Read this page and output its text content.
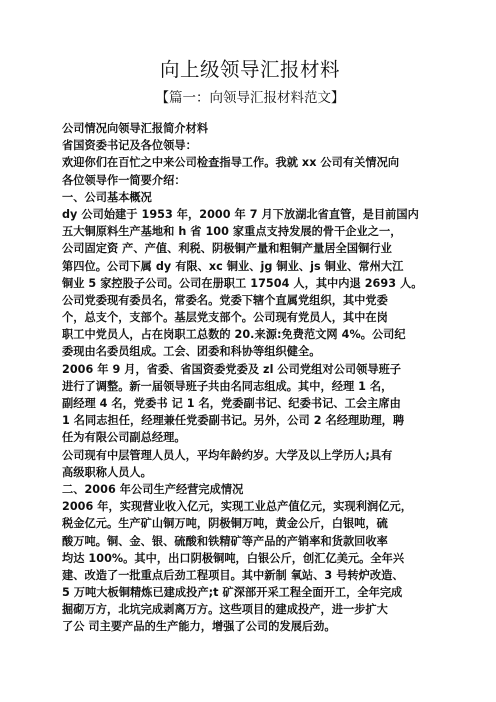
向上级领导汇报材料
【篇一：向领导汇报材料范文】
公司情况向领导汇报简介材料
省国资委书记及各位领导：
欢迎你们在百忙之中来公司检查指导工作。我就 xx 公司有关情况向
各位领导作一简要介绍：
一、公司基本概况
dy 公司始建于 1953 年，2000 年 7 月下放湖北省直管，是目前国内
五大铜原料生产基地和 h 省 100 家重点支持发展的骨干企业之一，
公司固定资 产、产值、利税、阴极铜产量和粗铜产量居全国铜行业
第四位。公司下属 dy 有限、xc 铜业、jg 铜业、js 铜业、常州大江
铜业 5 家控股子公司。公司在册职工 17504 人，其中内退 2693 人。
公司党委现有委员名，常委名。党委下辖个直属党组织，其中党委
个，总支个，支部个。基层党支部个。公司现有党员人，其中在岗
职工中党员人，占在岗职工总数的 20.来源:免费范文网 4%。公司纪
委现由名委员组成。工会、团委和科协等组织健全。
2006 年 9 月，省委、省国资委党委及 zl 公司党组对公司领导班子
进行了调整。新一届领导班子共由名同志组成。其中，经理 1 名，
副经理 4 名，党委书 记 1 名，党委副书记、纪委书记、工会主席由
1 名同志担任，经理兼任党委副书记。另外，公司 2 名经理助理，聘
任为有限公司副总经理。
公司现有中层管理人员人，平均年龄约岁。大学及以上学历人;具有
高级职称人员人。
二、2006 年公司生产经营完成情况
2006 年，实现营业收入亿元，实现工业总产值亿元，实现利润亿元，
税金亿元。生产矿山铜万吨，阴极铜万吨，黄金公斤，白银吨，硫
酸万吨。铜、金、银、硫酸和铁精矿等产品的产销率和货款回收率
均达 100%。其中，出口阴极铜吨，白银公斤，创汇亿美元。全年兴
建、改造了一批重点后劲工程项目。其中新制 氧站、3 号转炉改造、
5 万吨大板铜精炼已建成投产;t 矿深部开采工程全面开工，全年完成
掘砌万方，北坑完成剥离万方。这些项目的建成投产，进一步扩大
了公 司主要产品的生产能力，增强了公司的发展后劲。
